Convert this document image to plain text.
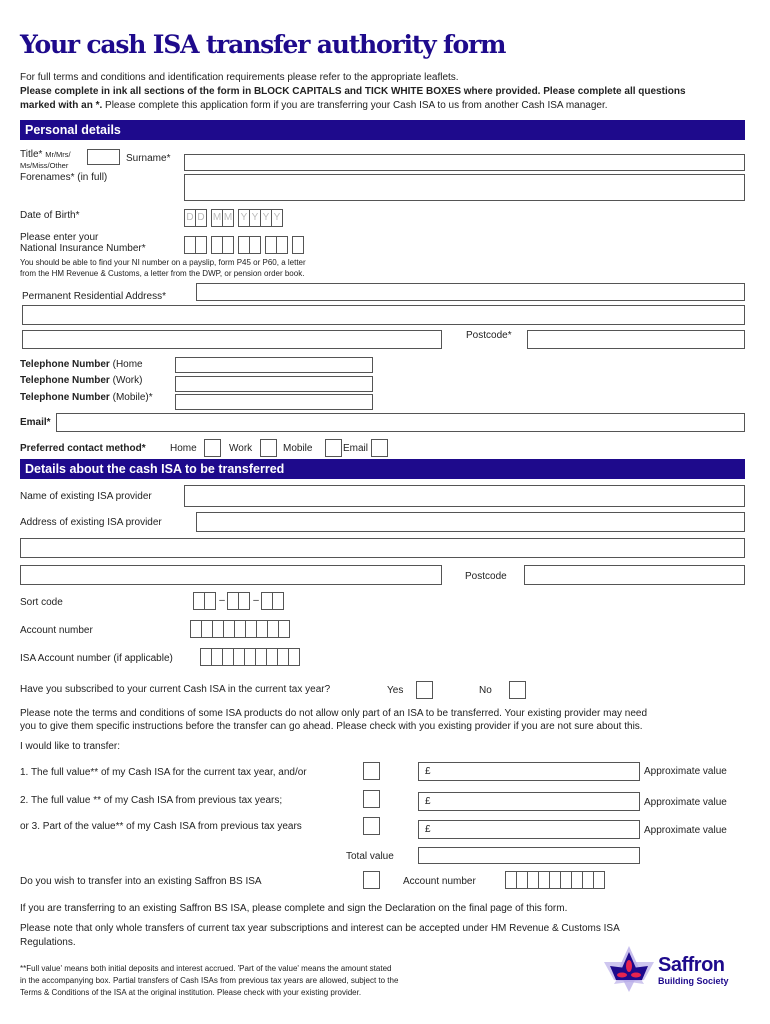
Your cash ISA transfer authority form
For full terms and conditions and identification requirements please refer to the appropriate leaflets.
Please complete in ink all sections of the form in BLOCK CAPITALS and TICK WHITE BOXES where provided. Please complete all questions
marked with an *. Please complete this application form if you are transferring your Cash ISA to us from another Cash ISA manager.
Personal details
Title* Mr/Mrs/
Ms/Miss/Other
Surname*
Forenames* (in full)
Date of Birth*	D D M M Y Y Y Y
Please enter your
National Insurance Number*
You should be able to find your NI number on a payslip, form P45 or P60, a letter
from the HM Revenue & Customs, a letter from the DWP, or pension order book.
Permanent Residential Address*
Postcode*
Telephone Number (Home
Telephone Number (Work)
Telephone Number (Mobile)*
Email*
Preferred contact method* Home	Work	Mobile	Email
Details about the cash ISA to be transferred
Name of existing ISA provider
Address of existing ISA provider
Postcode
Sort code	–	–
Account number
ISA Account number (if applicable)
Have you subscribed to your current Cash ISA in the current tax year?	Yes	No
Please note the terms and conditions of some ISA products do not allow only part of an ISA to be transferred. Your existing provider may need
you to give them specific instructions before the transfer can go ahead. Please check with you existing provider if you are not sure about this.
I would like to transfer:
1. The full value** of my Cash ISA for the current tax year, and/or	£	Approximate value
2. The full value ** of my Cash ISA from previous tax years;	£	Approximate value
or 3. Part of the value** of my Cash ISA from previous tax years	£	Approximate value
Total value
Do you wish to transfer into an existing Saffron BS ISA	Account number
If you are transferring to an existing Saffron BS ISA, please complete and sign the Declaration on the final page of this form.
Please note that only whole transfers of current tax year subscriptions and interest can be accepted under HM Revenue & Customs ISA
Regulations.
**Full value' means both initial deposits and interest accrued. 'Part of the value' means the amount stated
in the accompanying box. Partial transfers of Cash ISAs from previous tax years are allowed, subject to the
Terms & Conditions of the ISA at the original institution. Please check with your existing provider.
Saffron
Building Society
